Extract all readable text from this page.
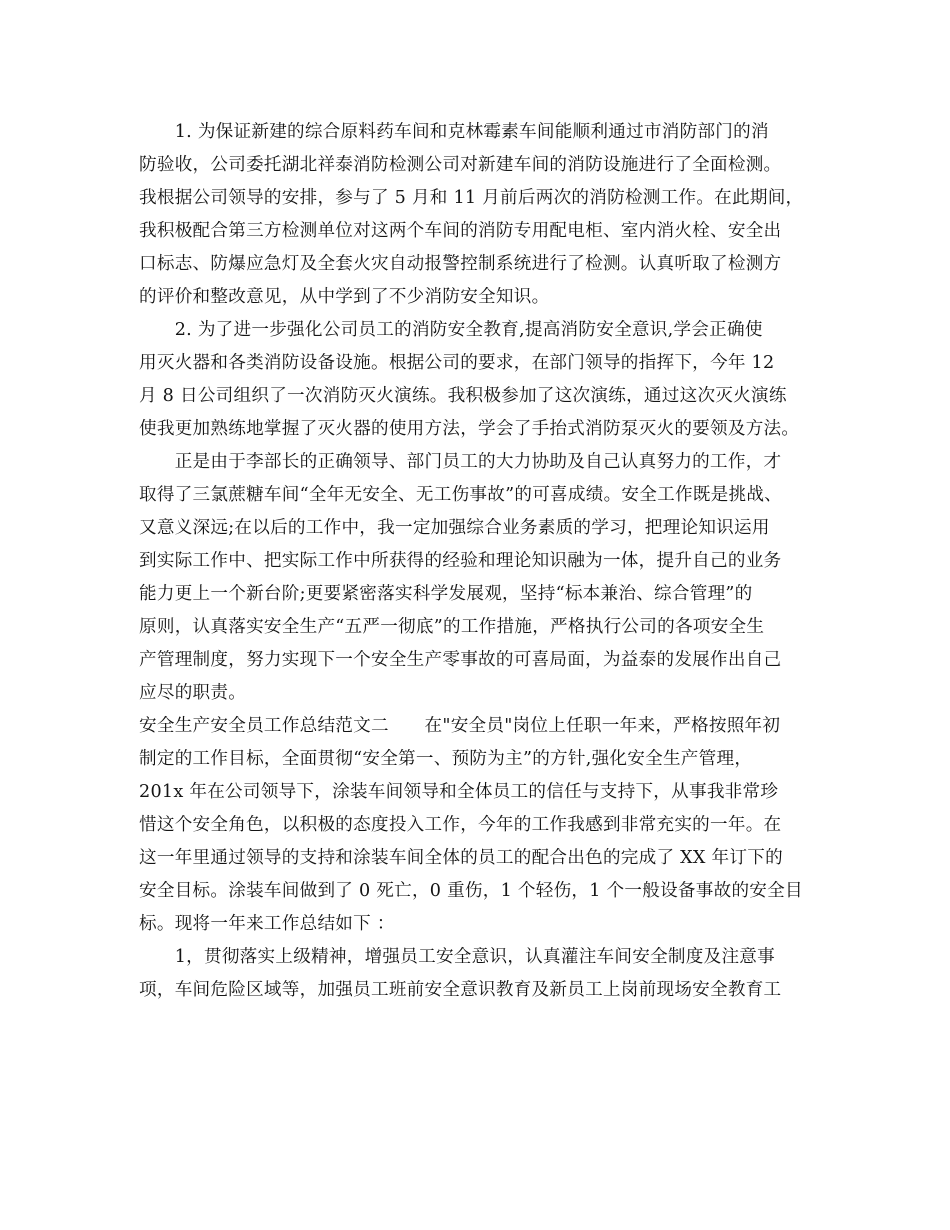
　　1. 为保证新建的综合原料药车间和克林霉素车间能顺利通过市消防部门的消
防验收，公司委托湖北祥泰消防检测公司对新建车间的消防设施进行了全面检测。
我根据公司领导的安排，参与了 5 月和 11 月前后两次的消防检测工作。在此期间，
我积极配合第三方检测单位对这两个车间的消防专用配电柜、室内消火栓、安全出
口标志、防爆应急灯及全套火灾自动报警控制系统进行了检测。认真听取了检测方
的评价和整改意见，从中学到了不少消防安全知识。
　　2. 为了进一步强化公司员工的消防安全教育,提高消防安全意识,学会正确使
用灭火器和各类消防设备设施。根据公司的要求，在部门领导的指挥下，今年 12
月 8 日公司组织了一次消防灭火演练。我积极参加了这次演练，通过这次灭火演练
使我更加熟练地掌握了灭火器的使用方法，学会了手抬式消防泵灭火的要领及方法。
　　正是由于李部长的正确领导、部门员工的大力协助及自己认真努力的工作，才
取得了三氯蔗糖车间“全年无安全、无工伤事故”的可喜成绩。安全工作既是挑战、
又意义深远;在以后的工作中，我一定加强综合业务素质的学习，把理论知识运用
到实际工作中、把实际工作中所获得的经验和理论知识融为一体，提升自己的业务
能力更上一个新台阶;更要紧密落实科学发展观，坚持“标本兼治、综合管理”的
原则，认真落实安全生产“五严一彻底”的工作措施，严格执行公司的各项安全生
产管理制度，努力实现下一个安全生产零事故的可喜局面，为益泰的发展作出自己
应尽的职责。
安全生产安全员工作总结范文二　　在"安全员"岗位上任职一年来，严格按照年初
制定的工作目标，全面贯彻“安全第一、预防为主”的方针,强化安全生产管理，
201x 年在公司领导下，涂装车间领导和全体员工的信任与支持下，从事我非常珍
惜这个安全角色，以积极的态度投入工作，今年的工作我感到非常充实的一年。在
这一年里通过领导的支持和涂装车间全体的员工的配合出色的完成了 XX 年订下的
安全目标。涂装车间做到了 0 死亡，0 重伤，1 个轻伤，1 个一般设备事故的安全目
标。现将一年来工作总结如下 ：
　　1，贯彻落实上级精神，增强员工安全意识，认真灌注车间安全制度及注意事
项，车间危险区域等，加强员工班前安全意识教育及新员工上岗前现场安全教育工
